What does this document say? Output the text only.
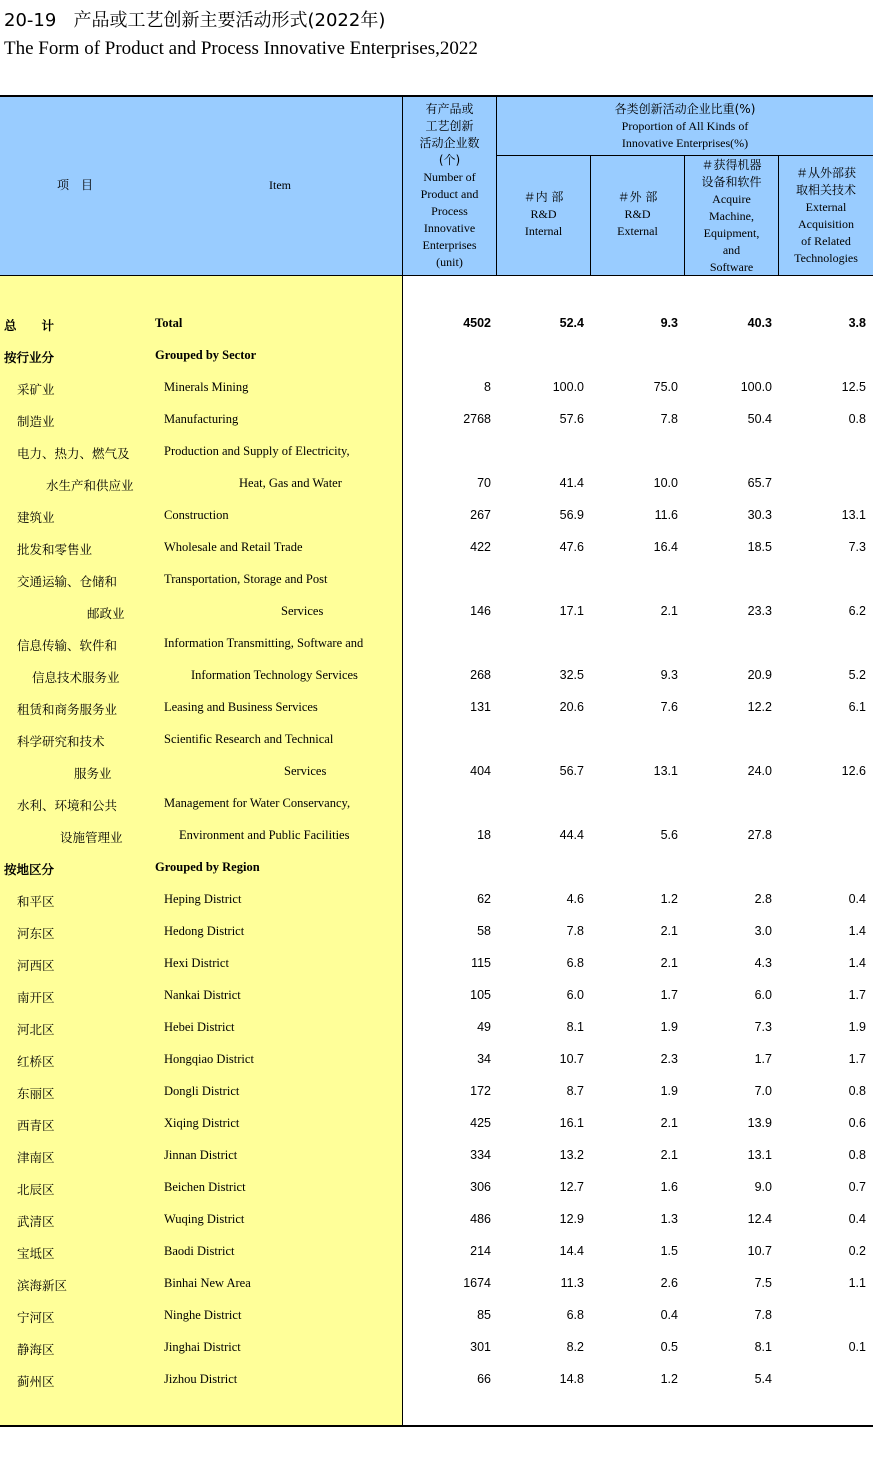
20-19 产品或工艺创新主要活动形式(2022年)
The Form of Product and Process Innovative Enterprises,2022
项　目	Item
有产品或
工艺创新
活动企业数
(个)
Number of
Product and
Process
Innovative
Enterprises
(unit)
各类创新活动企业比重(%)
Proportion of All Kinds of
Innovative Enterprises(%)
＃内 部
R&D
Internal
＃外 部
R&D
External
＃获得机器
设备和软件
Acquire
Machine,
Equipment,
and
Software
＃从外部获
取相关技术
External
Acquisition
of Related
Technologies
总　　计	Total	4502	52.4	9.3	40.3	3.8
按行业分	Grouped by Sector
采矿业	Minerals Mining	8	100.0	75.0	100.0	12.5
制造业	Manufacturing	2768	57.6	7.8	50.4	0.8
电力、热力、燃气及	Production and Supply of Electricity,
水生产和供应业	Heat, Gas and Water	70	41.4	10.0	65.7
建筑业	Construction	267	56.9	11.6	30.3	13.1
批发和零售业	Wholesale and Retail Trade	422	47.6	16.4	18.5	7.3
交通运输、仓储和	Transportation, Storage and Post
邮政业	Services	146	17.1	2.1	23.3	6.2
信息传输、软件和	Information Transmitting, Software and
信息技术服务业	Information Technology Services	268	32.5	9.3	20.9	5.2
租赁和商务服务业	Leasing and Business Services	131	20.6	7.6	12.2	6.1
科学研究和技术	Scientific Research and Technical
服务业	Services	404	56.7	13.1	24.0	12.6
水利、环境和公共	Management for Water Conservancy,
设施管理业	Environment and Public Facilities	18	44.4	5.6	27.8
按地区分	Grouped by Region
和平区	Heping District	62	4.6	1.2	2.8	0.4
河东区	Hedong District	58	7.8	2.1	3.0	1.4
河西区	Hexi District	115	6.8	2.1	4.3	1.4
南开区	Nankai District	105	6.0	1.7	6.0	1.7
河北区	Hebei District	49	8.1	1.9	7.3	1.9
红桥区	Hongqiao District	34	10.7	2.3	1.7	1.7
东丽区	Dongli District	172	8.7	1.9	7.0	0.8
西青区	Xiqing District	425	16.1	2.1	13.9	0.6
津南区	Jinnan District	334	13.2	2.1	13.1	0.8
北辰区	Beichen District	306	12.7	1.6	9.0	0.7
武清区	Wuqing District	486	12.9	1.3	12.4	0.4
宝坻区	Baodi District	214	14.4	1.5	10.7	0.2
滨海新区	Binhai New Area	1674	11.3	2.6	7.5	1.1
宁河区	Ninghe District	85	6.8	0.4	7.8
静海区	Jinghai District	301	8.2	0.5	8.1	0.1
蓟州区	Jizhou District	66	14.8	1.2	5.4
